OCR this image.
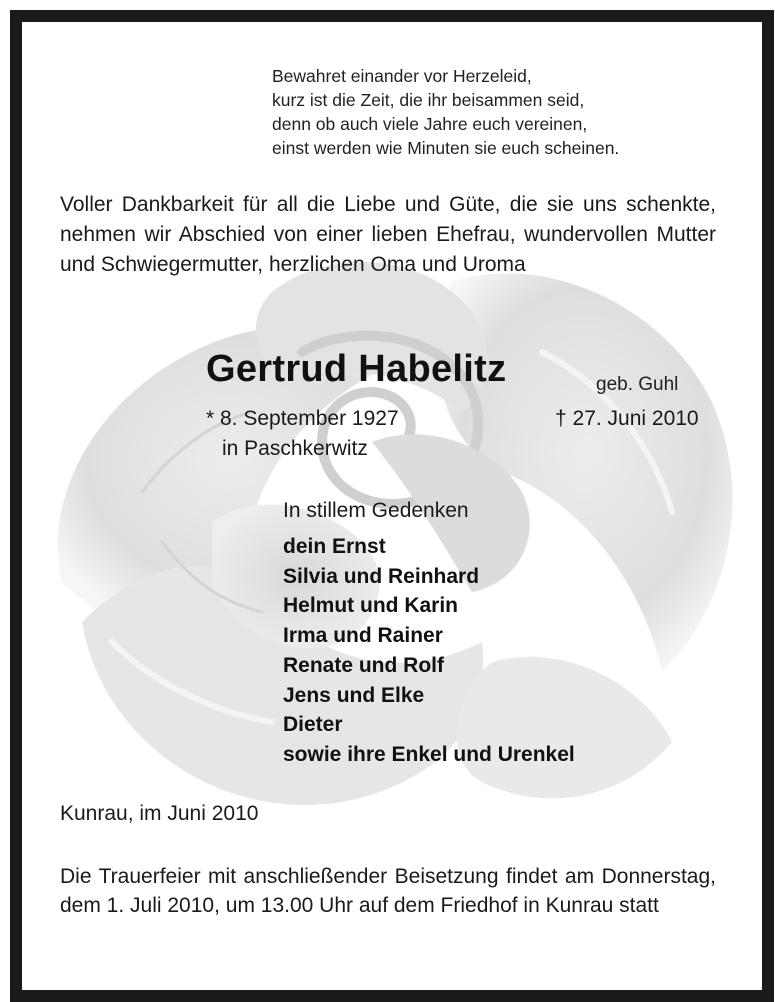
Bewahret einander vor Herzeleid,
kurz ist die Zeit, die ihr beisammen seid,
denn ob auch viele Jahre euch vereinen,
einst werden wie Minuten sie euch scheinen.
Voller Dankbarkeit für all die Liebe und Güte, die sie uns schenkte, nehmen wir Abschied von einer lieben Ehefrau, wundervollen Mutter und Schwiegermutter, herzlichen Oma und Uroma
Gertrud Habelitz	geb. Guhl
* 8. September 1927	† 27. Juni 2010
in Paschkerwitz
In stillem Gedenken
dein Ernst
Silvia und Reinhard
Helmut und Karin
Irma und Rainer
Renate und Rolf
Jens und Elke
Dieter
sowie ihre Enkel und Urenkel
Kunrau, im Juni 2010
Die Trauerfeier mit anschließender Beisetzung findet am Donnerstag, dem 1. Juli 2010, um 13.00 Uhr auf dem Friedhof in Kunrau statt
